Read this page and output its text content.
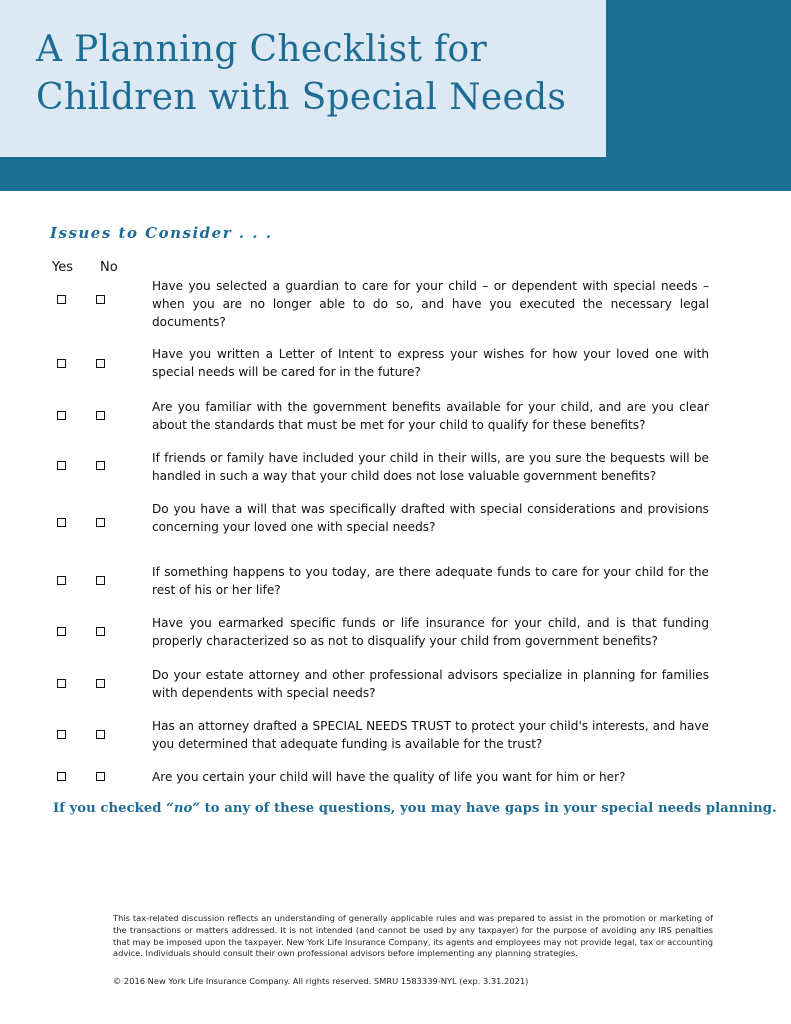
A Planning Checklist for
Children with Special Needs
Issues to Consider . . .
Yes No

Have you selected a guardian to care for your child – or dependent with special needs – when you are no longer able to do so, and have you executed the necessary legal documents?

Have you written a Letter of Intent to express your wishes for how your loved one with special needs will be cared for in the future?

Are you familiar with the government benefits available for your child, and are you clear about the standards that must be met for your child to qualify for these benefits?

If friends or family have included your child in their wills, are you sure the bequests will be handled in such a way that your child does not lose valuable government benefits?

Do you have a will that was specifically drafted with special considerations and provisions concerning your loved one with special needs?

If something happens to you today, are there adequate funds to care for your child for the rest of his or her life?

Have you earmarked specific funds or life insurance for your child, and is that funding properly characterized so as not to disqualify your child from government benefits?

Do your estate attorney and other professional advisors specialize in planning for families with dependents with special needs?

Has an attorney drafted a SPECIAL NEEDS TRUST to protect your child's interests, and have you determined that adequate funding is available for the trust?

Are you certain your child will have the quality of life you want for him or her?

If you checked “no” to any of these questions, you may have gaps in your special needs planning.

This tax-related discussion reflects an understanding of generally applicable rules and was prepared to assist in the promotion or marketing of the transactions or matters addressed. It is not intended (and cannot be used by any taxpayer) for the purpose of avoiding any IRS penalties that may be imposed upon the taxpayer. New York Life Insurance Company, its agents and employees may not provide legal, tax or accounting advice. Individuals should consult their own professional advisors before implementing any planning strategies.

© 2016 New York Life Insurance Company. All rights reserved. SMRU 1583339-NYL (exp. 3.31.2021)
